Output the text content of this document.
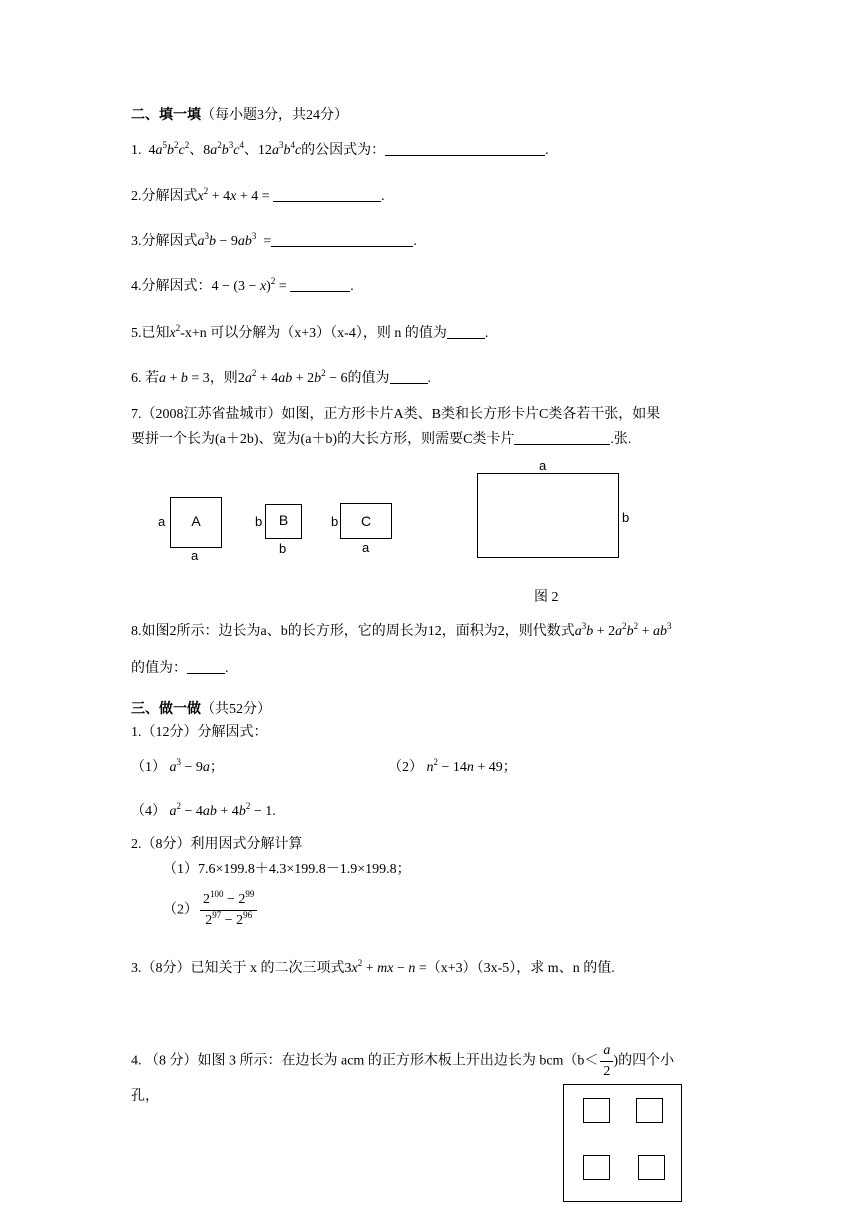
二、填一填（每小题3分，共24分）
1. $4a^5b^2c^2$、$8a^2b^3c^4$、$12a^3b^4c$的公因式为：	.
2.分解因式$x^2 + 4x + 4$ =	.
3.分解因式$a^3b - 9ab^3$ =	.
4.分解因式：$4 - (3 - x)^2$ =	.
5.已知$x^2-x+n$ 可以分解为（x+3）（x-4），则 n 的值为	.
6. 若a + b = 3，则$2a^2 + 4ab + 2b^2 - 6$的值为	.
7.（2008江苏省盐城市）如图，正方形卡片A类、B类和长方形卡片C类各若干张，如果
要拼一个长为(a＋2b)、宽为(a＋b)的大长方形，则需要C类卡片	.张.
A
a
a
B
b
b
C
b
a
a
b
图 2
8.如图2所示：边长为a、b的长方形，它的周长为12，面积为2，则代数式$a^3b + 2a^2b^2 + ab^3$
的值为：	.
三、做一做（共52分）
1.（12分）分解因式：
（1） $a^3 - 9a$；	（2） $n^2 - 14n + 49$；
（4） $a^2 - 4ab + 4b^2 - 1$.
2.（8分）利用因式分解计算
（1）7.6×199.8＋4.3×199.8－1.9×199.8；
$(2) \frac{2^{100} - 2^{99}}{2^{97} - 2^{96}}$
3.（8分）已知关于 x 的二次三项式$3x^2$ + mx − n =（x+3）（3x-5），求 m、n 的值.
4. （8 分）如图 3 所示：在边长为 acm 的正方形木板上开出边长为 $bcm(b< \frac{a}{2}$ )的四个小
孔，
